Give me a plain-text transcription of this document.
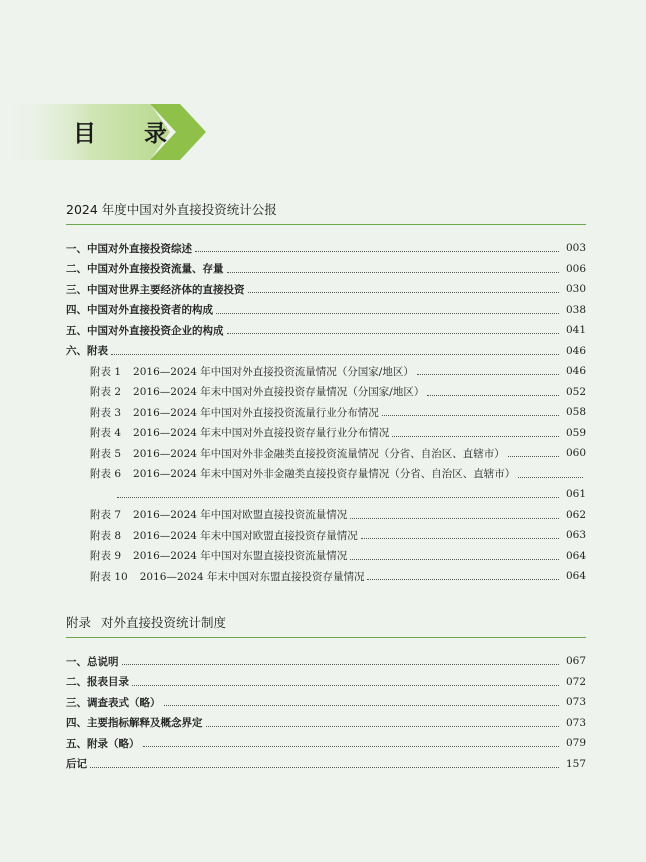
目 录
2024 年度中国对外直接投资统计公报
一、中国对外直接投资综述	003
二、中国对外直接投资流量、存量	006
三、中国对世界主要经济体的直接投资	030
四、中国对外直接投资者的构成	038
五、中国对外直接投资企业的构成	041
六、附表	046
附表 1 2016—2024 年中国对外直接投资流量情况（分国家/地区）	046
附表 2 2016—2024 年末中国对外直接投资存量情况（分国家/地区）	052
附表 3 2016—2024 年中国对外直接投资流量行业分布情况	058
附表 4 2016—2024 年末中国对外直接投资存量行业分布情况	059
附表 5 2016—2024 年中国对外非金融类直接投资流量情况（分省、自治区、直辖市）	060
附表 6 2016—2024 年末中国对外非金融类直接投资存量情况（分省、自治区、直辖市）
061
附表 7 2016—2024 年中国对欧盟直接投资流量情况	062
附表 8 2016—2024 年末中国对欧盟直接投资存量情况	063
附表 9 2016—2024 年中国对东盟直接投资流量情况	064
附表 10 2016—2024 年末中国对东盟直接投资存量情况	064
附录 对外直接投资统计制度
一、总说明	067
二、报表目录	072
三、调查表式（略）	073
四、主要指标解释及概念界定	073
五、附录（略）	079
后记	157
